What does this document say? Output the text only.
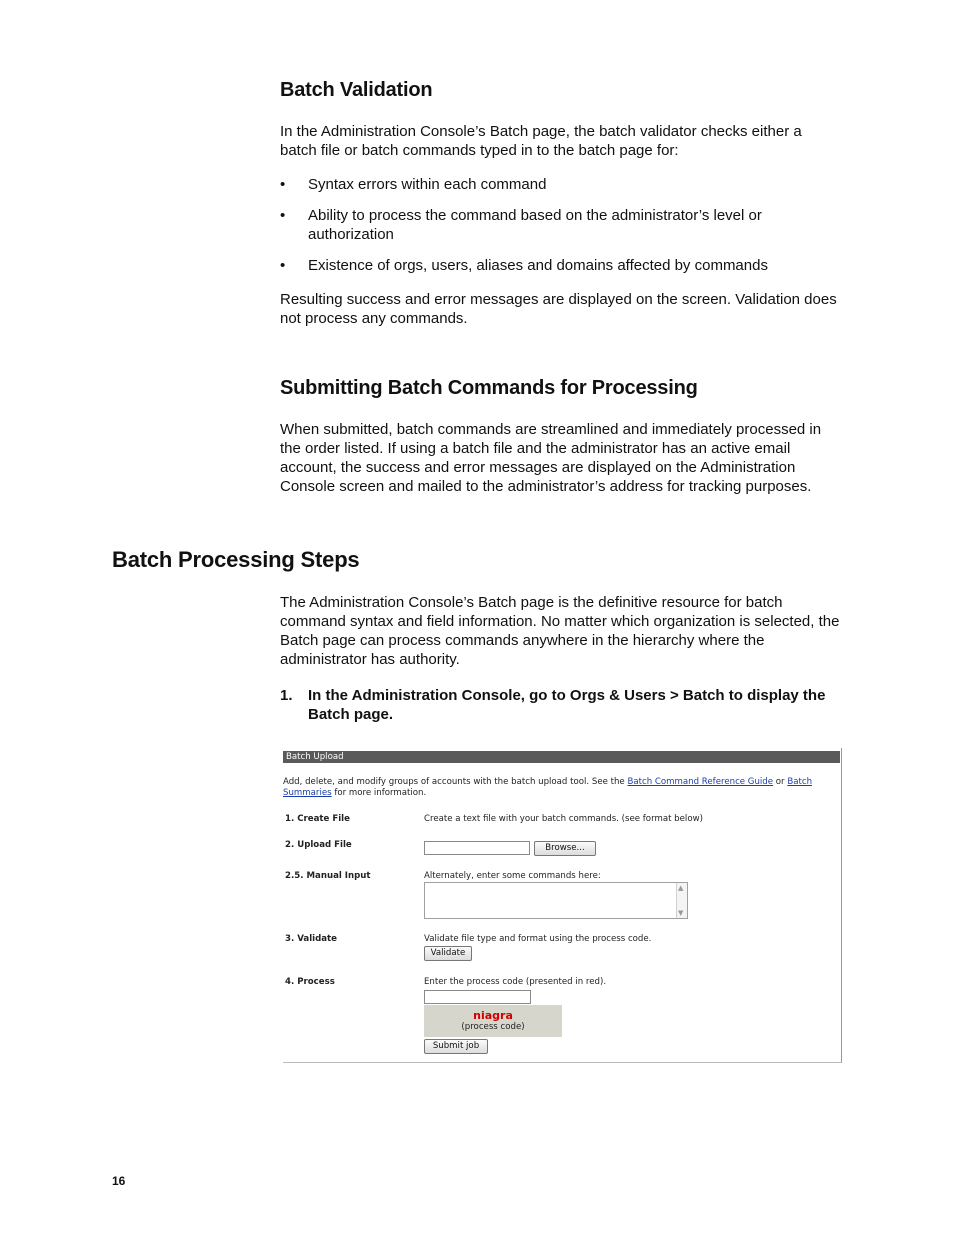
Batch Validation

In the Administration Console’s Batch page, the batch validator checks either a batch file or batch commands typed in to the batch page for:

• Syntax errors within each command
• Ability to process the command based on the administrator’s level or authorization
• Existence of orgs, users, aliases and domains affected by commands

Resulting success and error messages are displayed on the screen. Validation does not process any commands.

Submitting Batch Commands for Processing

When submitted, batch commands are streamlined and immediately processed in the order listed. If using a batch file and the administrator has an active email account, the success and error messages are displayed on the Administration Console screen and mailed to the administrator’s address for tracking purposes.

Batch Processing Steps

The Administration Console’s Batch page is the definitive resource for batch command syntax and field information. No matter which organization is selected, the Batch page can process commands anywhere in the hierarchy where the administrator has authority.

1.	In the Administration Console, go to Orgs & Users > Batch to display the Batch page.
Batch Upload
Add, delete, and modify groups of accounts with the batch upload tool. See the Batch Command Reference Guide or Batch Summaries for more information.
1. Create File	Create a text file with your batch commands. (see format below)
2. Upload File	Browse...
2.5. Manual Input	Alternately, enter some commands here:
▲
▼
3. Validate	Validate file type and format using the process code.
Validate
4. Process	Enter the process code (presented in red).
niagra
(process code)
Submit job
16
